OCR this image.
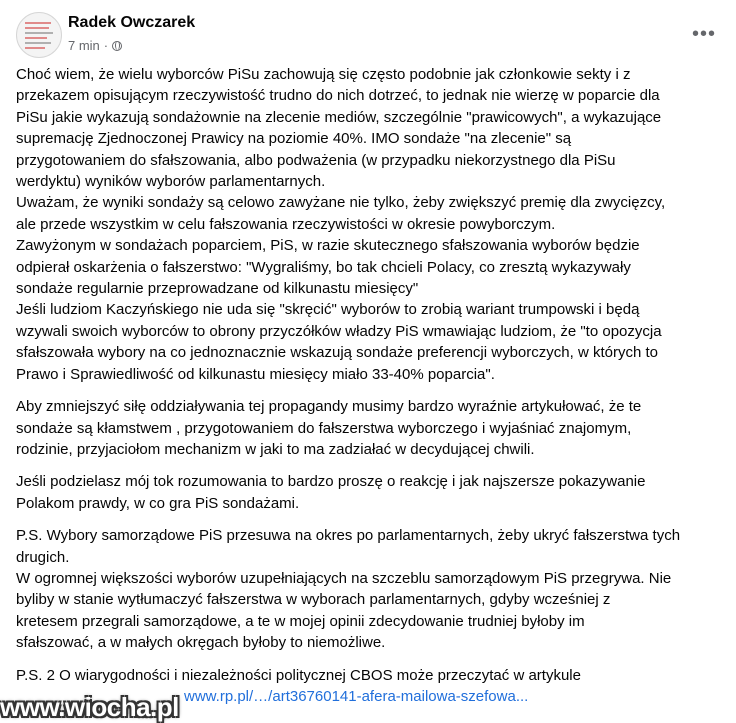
Radek Owczarek
7 min ·
•••
Choć wiem, że wielu wyborców PiSu zachowują się często podobnie jak członkowie sekty i z
przekazem opisującym rzeczywistość trudno do nich dotrzeć, to jednak nie wierzę w poparcie dla
PiSu jakie wykazują sondażownie na zlecenie mediów, szczególnie "prawicowych", a wykazujące
supremację Zjednoczonej Prawicy na poziomie 40%. IMO sondaże "na zlecenie" są
przygotowaniem do sfałszowania, albo podważenia (w przypadku niekorzystnego dla PiSu
werdyktu) wyników wyborów parlamentarnych.
Uważam, że wyniki sondaży są celowo zawyżane nie tylko, żeby zwiększyć premię dla zwycięzcy,
ale przede wszystkim w celu fałszowania rzeczywistości w okresie powyborczym.
Zawyżonym w sondażach poparciem, PiS, w razie skutecznego sfałszowania wyborów będzie
odpierał oskarżenia o fałszerstwo: "Wygraliśmy, bo tak chcieli Polacy, co zresztą wykazywały
sondaże regularnie przeprowadzane od kilkunastu miesięcy"
Jeśli ludziom Kaczyńskiego nie uda się "skręcić" wyborów to zrobią wariant trumpowski i będą
wzywali swoich wyborców to obrony przyczółków władzy PiS wmawiając ludziom, że "to opozycja
sfałszowała wybory na co jednoznacznie wskazują sondaże preferencji wyborczych, w których to
Prawo i Sprawiedliwość od kilkunastu miesięcy miało 33-40% poparcia".
Aby zmniejszyć siłę oddziaływania tej propagandy musimy bardzo wyraźnie artykułować, że te
sondaże są kłamstwem , przygotowaniem do fałszerstwa wyborczego i wyjaśniać znajomym,
rodzinie, przyjaciołom mechanizm w jaki to ma zadziałać w decydującej chwili.
Jeśli podzielasz mój tok rozumowania to bardzo proszę o reakcję i jak najszersze pokazywanie
Polakom prawdy, w co gra PiS sondażami.
P.S. Wybory samorządowe PiS przesuwa na okres po parlamentarnych, żeby ukryć fałszerstwa tych
drugich.
W ogromnej większości wyborów uzupełniających na szczeblu samorządowym PiS przegrywa. Nie
byliby w stanie wytłumaczyć fałszerstwa w wyborach parlamentarnych, gdyby wcześniej z
kretesem przegrali samorządowe, a te w mojej opinii zdecydowanie trudniej byłoby im
sfałszować, a w małych okręgach byłoby to niemożliwe.
P.S. 2 O wiarygodności i niezależności politycznej CBOS może przeczytać w artykule
www.rp.pl/…/art36760141-afera-mailowa-szefowa...
www.wiocha.pl
